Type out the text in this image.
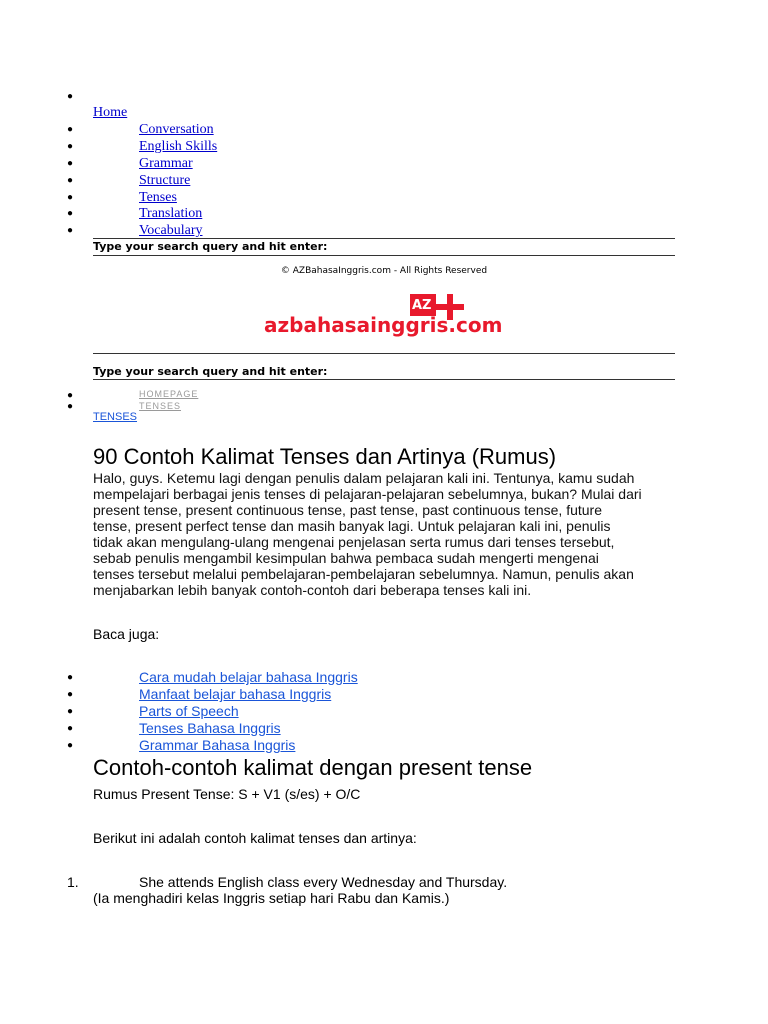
●
Home
●
Conversation
●
English Skills
●
Grammar
●
Structure
●
Tenses
●
Translation
●
Vocabulary
Type your search query and hit enter:
© AZBahasaInggris.com - All Rights Reserved
AZ
azbahasainggris.com
Type your search query and hit enter:
●
HOMEPAGE
●
TENSES
TENSES
90 Contoh Kalimat Tenses dan Artinya (Rumus)
Halo, guys. Ketemu lagi dengan penulis dalam pelajaran kali ini. Tentunya, kamu sudah
mempelajari berbagai jenis tenses di pelajaran-pelajaran sebelumnya, bukan? Mulai dari
present tense, present continuous tense, past tense, past continuous tense, future
tense, present perfect tense dan masih banyak lagi. Untuk pelajaran kali ini, penulis
tidak akan mengulang-ulang mengenai penjelasan serta rumus dari tenses tersebut,
sebab penulis mengambil kesimpulan bahwa pembaca sudah mengerti mengenai
tenses tersebut melalui pembelajaran-pembelajaran sebelumnya. Namun, penulis akan
menjabarkan lebih banyak contoh-contoh dari beberapa tenses kali ini.
Baca juga:
●
Cara mudah belajar bahasa Inggris
●
Manfaat belajar bahasa Inggris
●
Parts of Speech
●
Tenses Bahasa Inggris
●
Grammar Bahasa Inggris
Contoh-contoh kalimat dengan present tense
Rumus Present Tense: S + V1 (s/es) + O/C
Berikut ini adalah contoh kalimat tenses dan artinya:
1.	She attends English class every Wednesday and Thursday.
(Ia menghadiri kelas Inggris setiap hari Rabu dan Kamis.)
